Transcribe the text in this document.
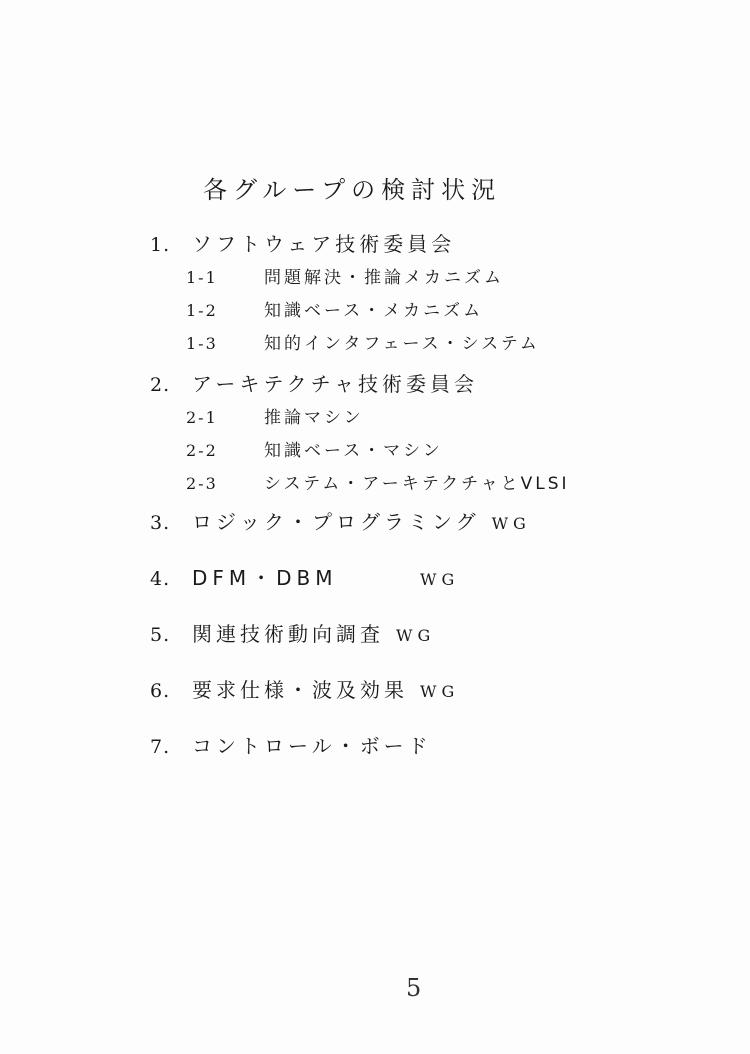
各グループの検討状況
1.	ソフトウェア技術委員会
1-1	問題解決・推論メカニズム
1-2	知識ベース・メカニズム
1-3	知的インタフェース・システム
2.	アーキテクチャ技術委員会
2-1	推論マシン
2-2	知識ベース・マシン
2-3	システム・アーキテクチャとVLSI
3.	ロジック・プログラミング WG
4.	DFM・DBM	WG
5.	関連技術動向調査 WG
6.	要求仕様・波及効果 WG
7.	コントロール・ボード
5
